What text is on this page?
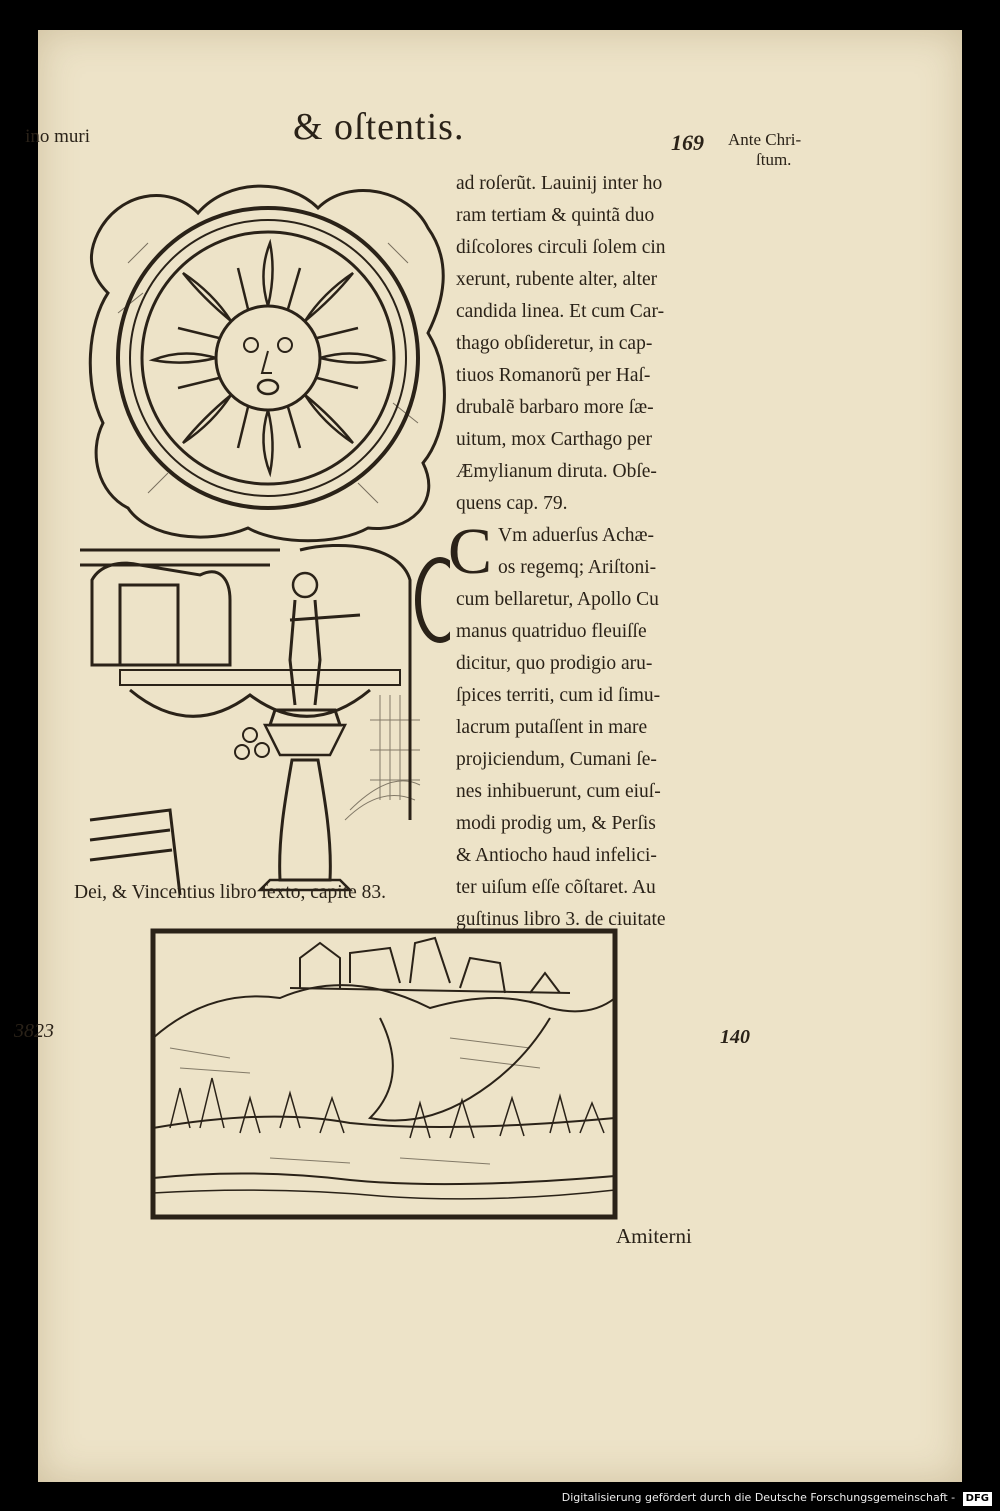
ino muri	& oſtentis.	169 Ante Chri-
ſtum.

ad roſerũt. Lauinij inter ho

ram tertiam & quintã duo

diſcolores circuli ſolem cin

xerunt, rubente alter, alter

candida linea. Et cum Car-

thago obſideretur, in cap-

tiuos Romanorũ per Haſ-

drubalẽ barbaro more ſæ-

uitum, mox Carthago per

Æmylianum diruta. Obſe-

quens cap. 79.

C Vm aduerſus Achæ-

os regemq; Ariſtoni-

cum bellaretur, Apollo Cu

manus quatriduo fleuiſſe

dicitur, quo prodigio aru-

ſpices territi, cum id ſimu-

lacrum putaſſent in mare

projiciendum, Cumani ſe-

nes inhibuerunt, cum eiuſ-

modi prodig um, & Perſis

& Antiocho haud infelici-

ter uiſum eſſe cõſtaret. Au

guſtinus libro 3. de ciuitate

Dei, & Vincentius libro ſexto, capite 83.
3823	140
Amiterni
Digitalisierung gefördert durch die Deutsche Forschungsgemeinschaft - DFG
